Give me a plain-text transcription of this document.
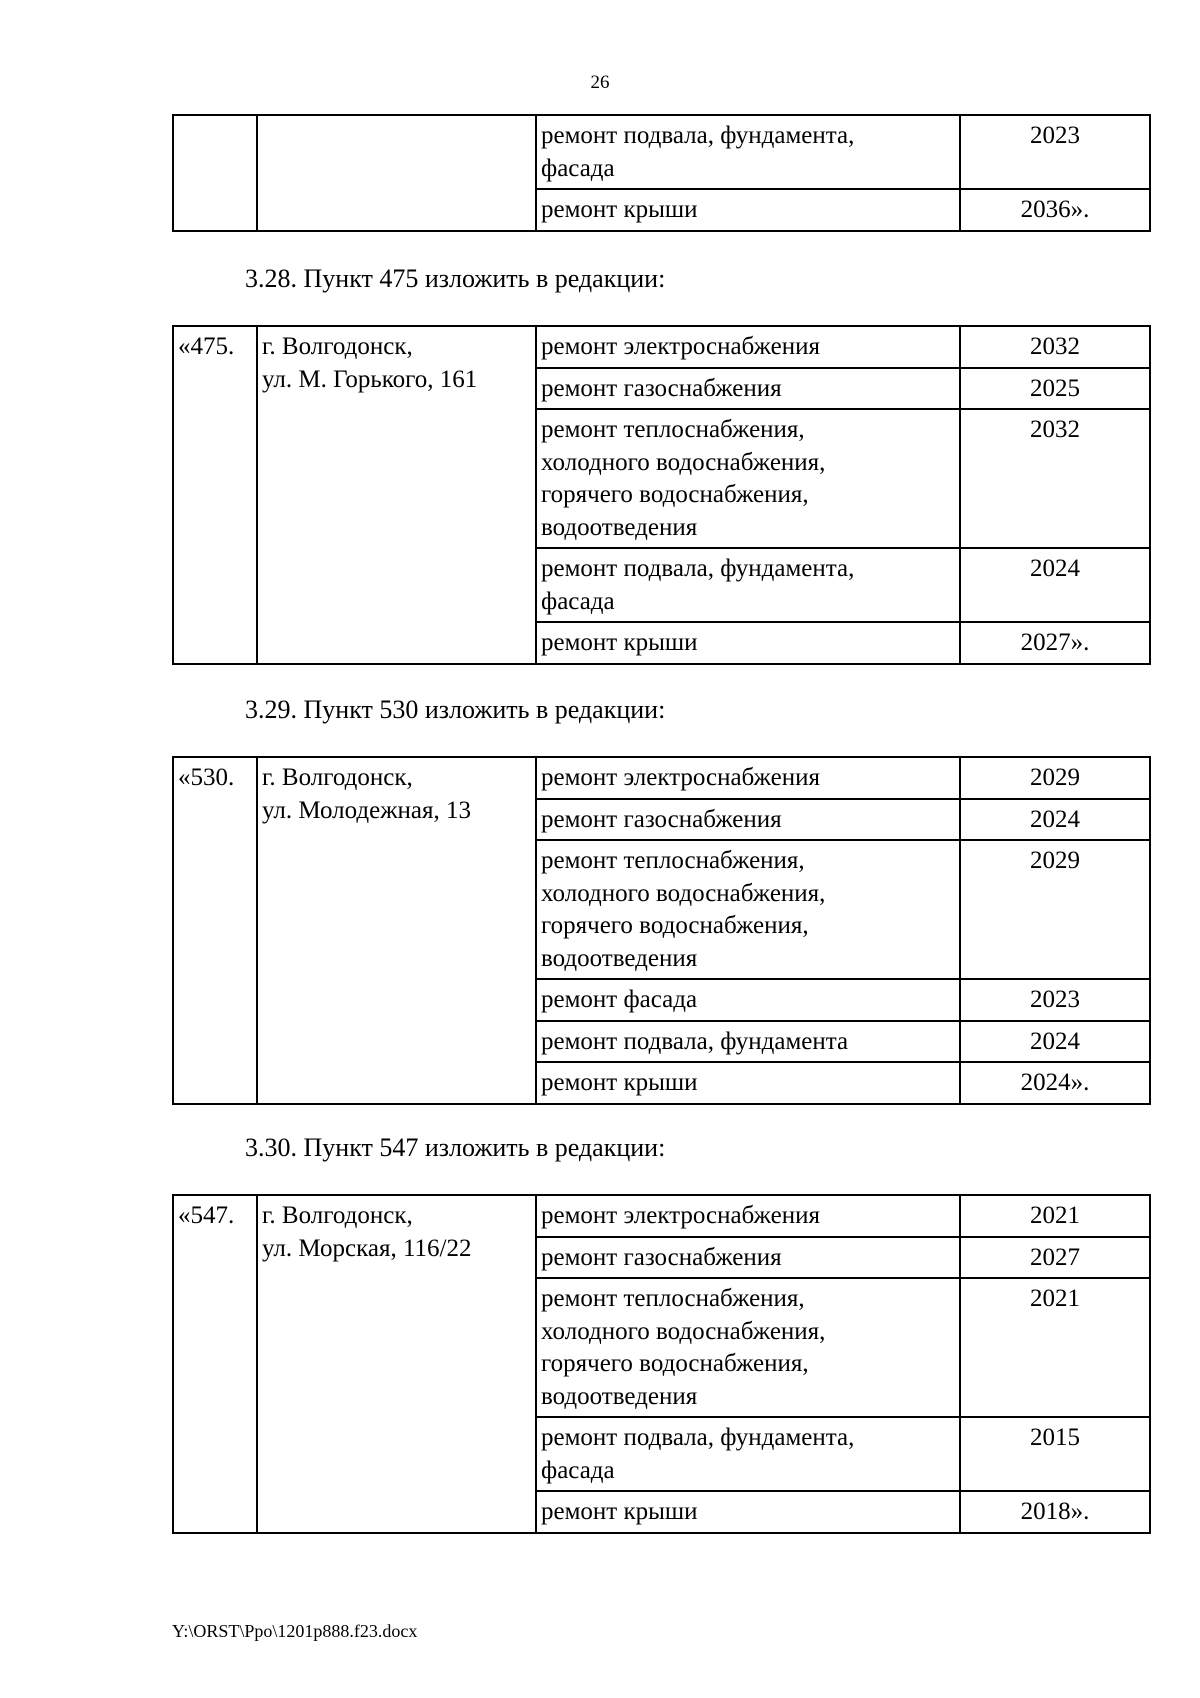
26
		ремонт подвала, фундамента,
фасада	2023
		ремонт крыши	2036».
3.28. Пункт 475 изложить в редакции:
«475.	г. Волгодонск,
ул. М. Горького, 161	ремонт электроснабжения	2032
		ремонт газоснабжения	2025
		ремонт теплоснабжения,
холодного водоснабжения,
горячего водоснабжения,
водоотведения	2032
		ремонт подвала, фундамента,
фасада	2024
		ремонт крыши	2027».
3.29. Пункт 530 изложить в редакции:
«530.	г. Волгодонск,
ул. Молодежная, 13	ремонт электроснабжения	2029
		ремонт газоснабжения	2024
		ремонт теплоснабжения,
холодного водоснабжения,
горячего водоснабжения,
водоотведения	2029
		ремонт фасада	2023
		ремонт подвала, фундамента	2024
		ремонт крыши	2024».
3.30. Пункт 547 изложить в редакции:
«547.	г. Волгодонск,
ул. Морская, 116/22	ремонт электроснабжения	2021
		ремонт газоснабжения	2027
		ремонт теплоснабжения,
холодного водоснабжения,
горячего водоснабжения,
водоотведения	2021
		ремонт подвала, фундамента,
фасада	2015
		ремонт крыши	2018».
Y:\ORST\Ppo\1201p888.f23.docx
